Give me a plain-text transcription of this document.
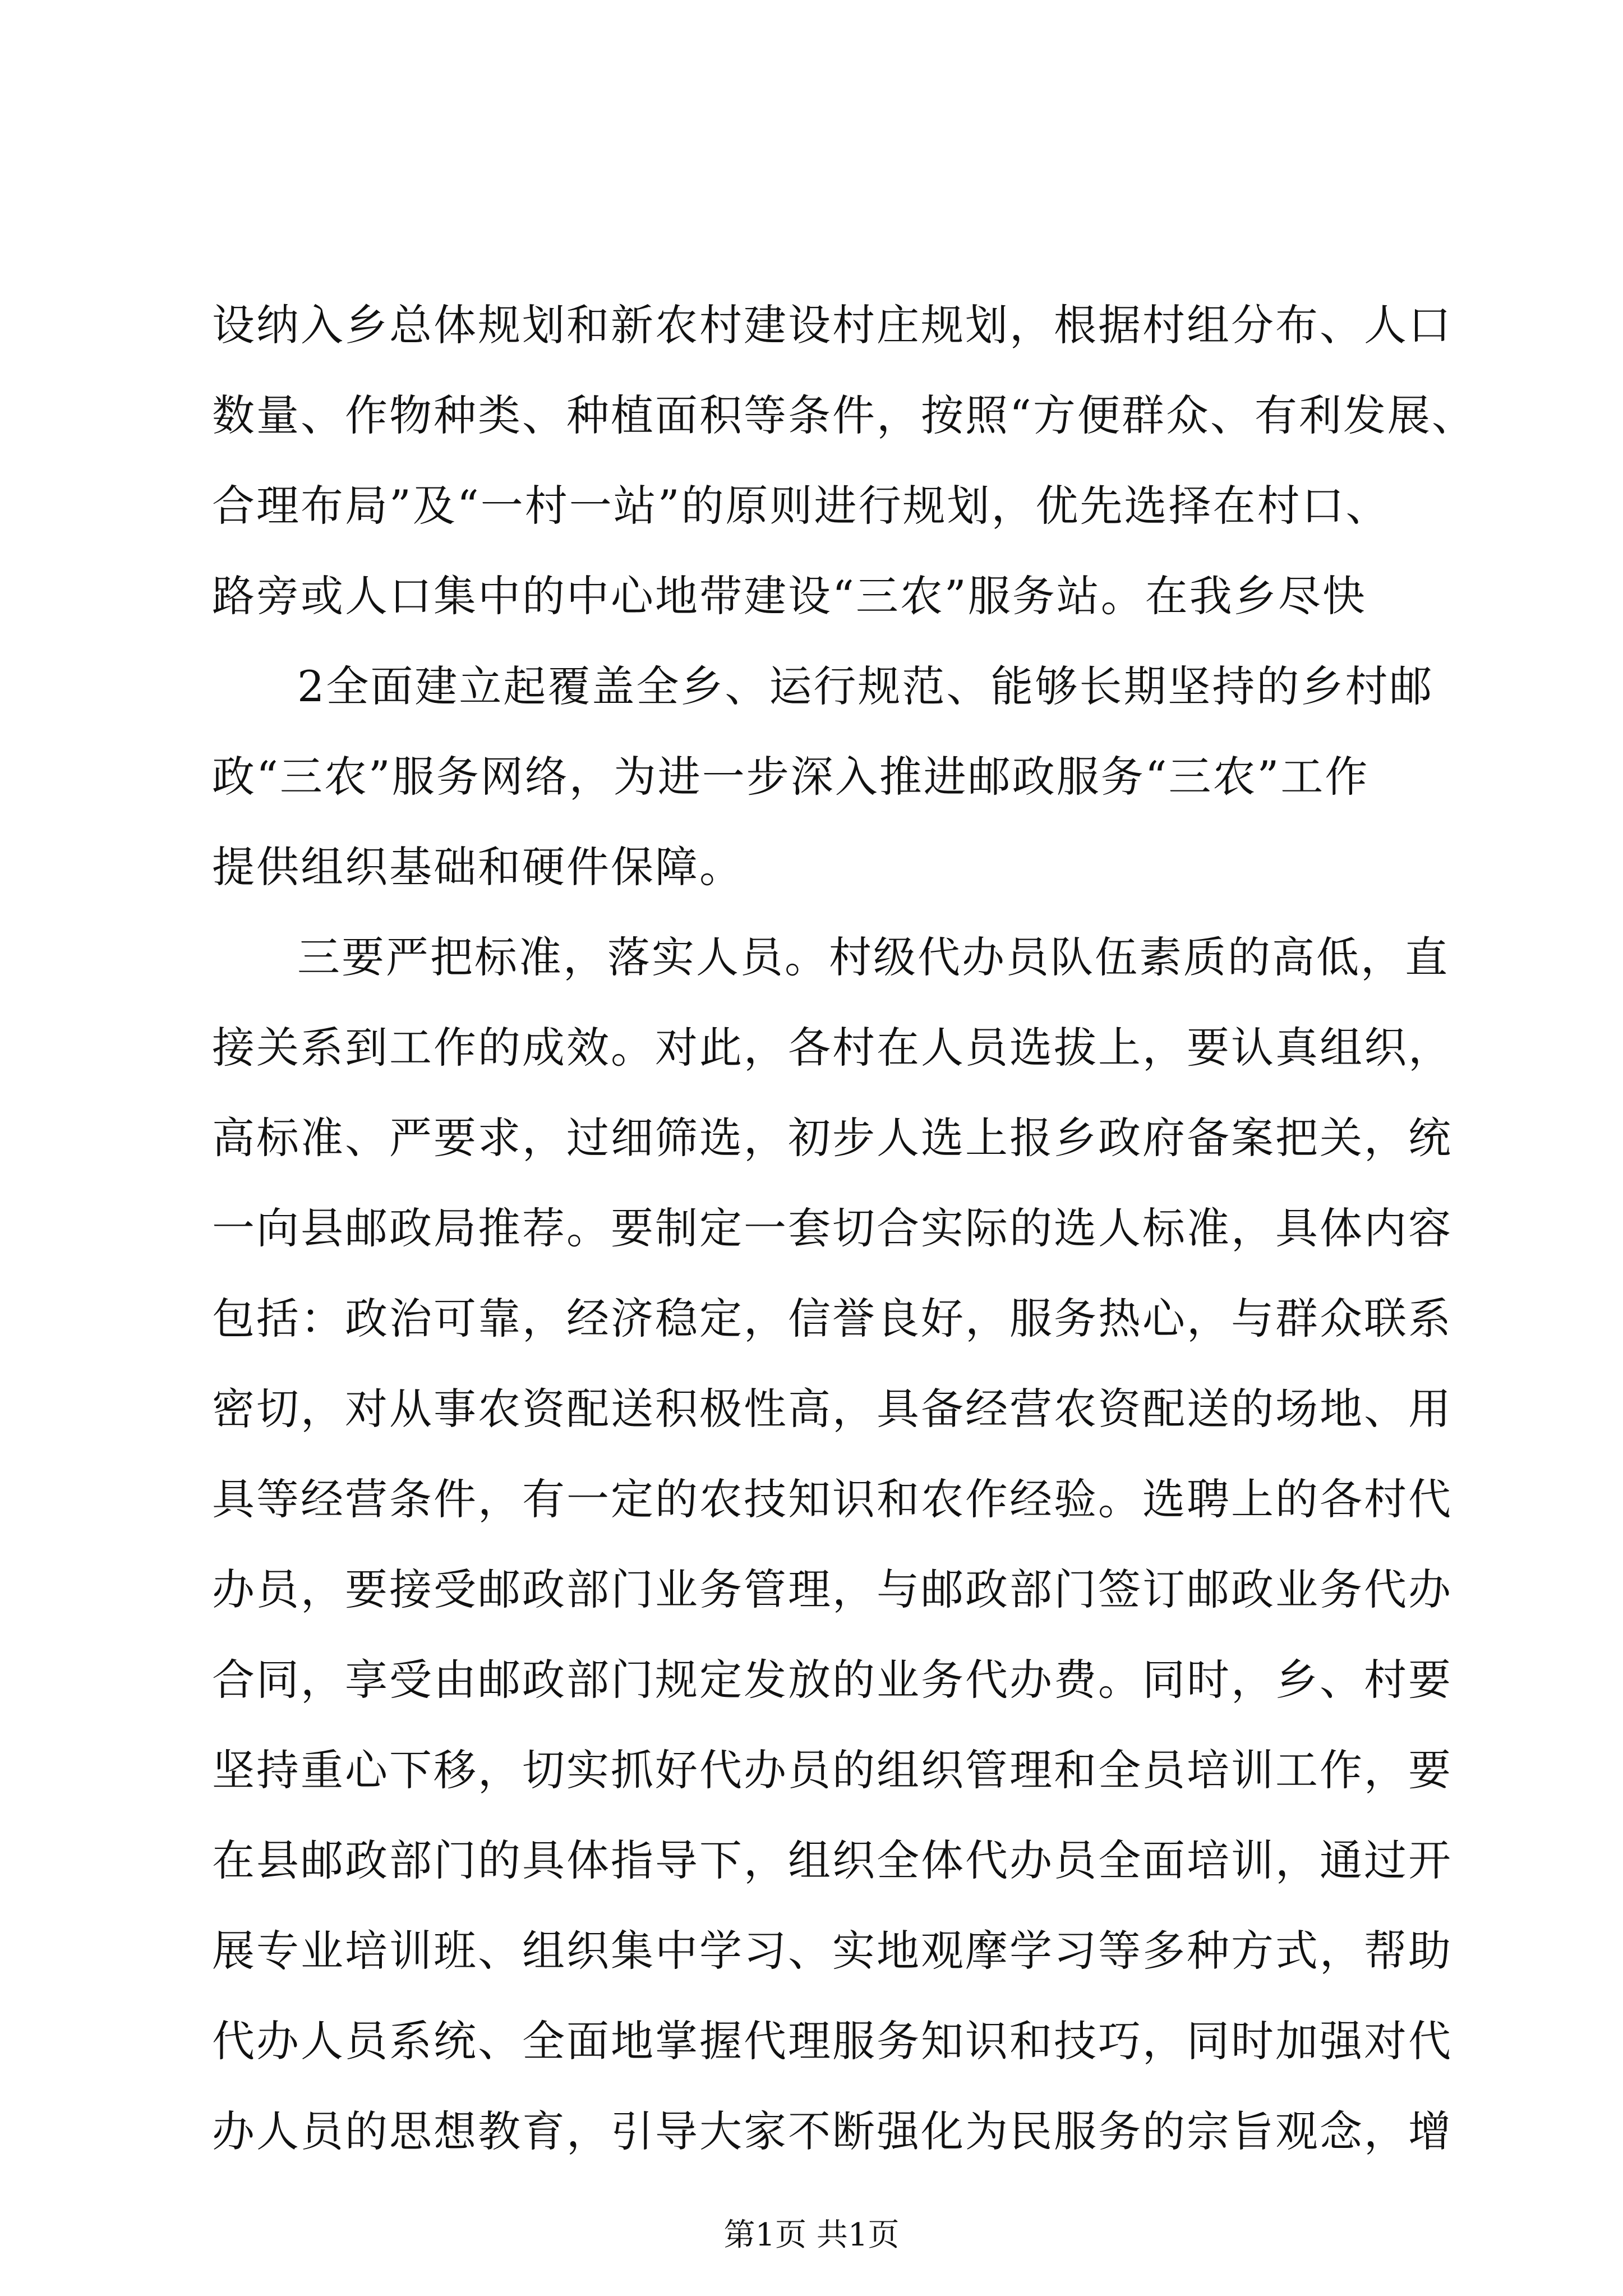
设纳入乡总体规划和新农村建设村庄规划，根据村组分布、人口
数量、作物种类、种植面积等条件，按照“方便群众、有利发展、
合理布局”及“一村一站”的原则进行规划，优先选择在村口、
路旁或人口集中的中心地带建设“三农”服务站。在我乡尽快
2全面建立起覆盖全乡、运行规范、能够长期坚持的乡村邮
政“三农”服务网络，为进一步深入推进邮政服务“三农”工作
提供组织基础和硬件保障。
三要严把标准，落实人员。村级代办员队伍素质的高低，直
接关系到工作的成效。对此，各村在人员选拔上，要认真组织，
高标准、严要求，过细筛选，初步人选上报乡政府备案把关，统
一向县邮政局推荐。要制定一套切合实际的选人标准，具体内容
包括：政治可靠，经济稳定，信誉良好，服务热心，与群众联系
密切，对从事农资配送积极性高，具备经营农资配送的场地、用
具等经营条件，有一定的农技知识和农作经验。选聘上的各村代
办员，要接受邮政部门业务管理，与邮政部门签订邮政业务代办
合同，享受由邮政部门规定发放的业务代办费。同时，乡、村要
坚持重心下移，切实抓好代办员的组织管理和全员培训工作，要
在县邮政部门的具体指导下，组织全体代办员全面培训，通过开
展专业培训班、组织集中学习、实地观摩学习等多种方式，帮助
代办人员系统、全面地掌握代理服务知识和技巧，同时加强对代
办人员的思想教育，引导大家不断强化为民服务的宗旨观念，增
第1页 共1页
